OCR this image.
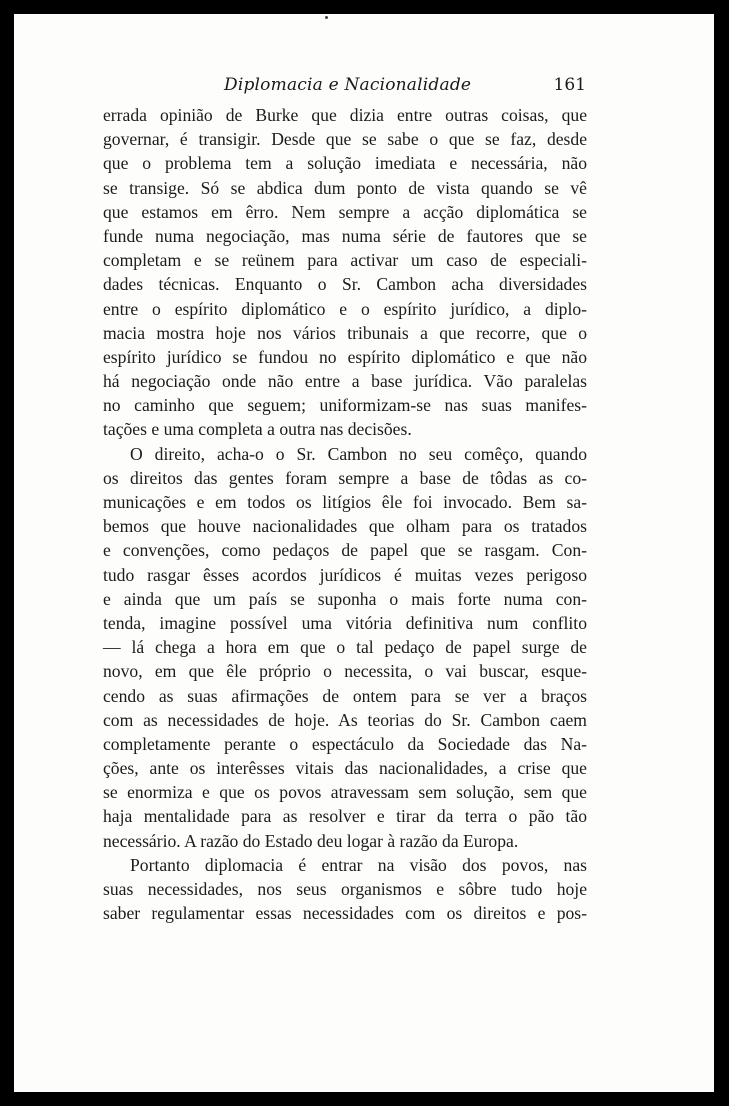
Diplomacia e Nacionalidade	161
errada opinião de Burke que dizia entre outras coisas, que
governar, é transigir. Desde que se sabe o que se faz, desde
que o problema tem a solução imediata e necessária, não
se transige. Só se abdica dum ponto de vista quando se vê
que estamos em êrro. Nem sempre a acção diplomática se
funde numa negociação, mas numa série de fautores que se
completam e se reünem para activar um caso de especiali-
dades técnicas. Enquanto o Sr. Cambon acha diversidades
entre o espírito diplomático e o espírito jurídico, a diplo-
macia mostra hoje nos vários tribunais a que recorre, que o
espírito jurídico se fundou no espírito diplomático e que não
há negociação onde não entre a base jurídica. Vão paralelas
no caminho que seguem; uniformizam-se nas suas manifes-
tações e uma completa a outra nas decisões.
O direito, acha-o o Sr. Cambon no seu comêço, quando
os direitos das gentes foram sempre a base de tôdas as co-
municações e em todos os litígios êle foi invocado. Bem sa-
bemos que houve nacionalidades que olham para os tratados
e convenções, como pedaços de papel que se rasgam. Con-
tudo rasgar êsses acordos jurídicos é muitas vezes perigoso
e ainda que um país se suponha o mais forte numa con-
tenda, imagine possível uma vitória definitiva num conflito
— lá chega a hora em que o tal pedaço de papel surge de
novo, em que êle próprio o necessita, o vai buscar, esque-
cendo as suas afirmações de ontem para se ver a braços
com as necessidades de hoje. As teorias do Sr. Cambon caem
completamente perante o espectáculo da Sociedade das Na-
ções, ante os interêsses vitais das nacionalidades, a crise que
se enormiza e que os povos atravessam sem solução, sem que
haja mentalidade para as resolver e tirar da terra o pão tão
necessário. A razão do Estado deu logar à razão da Europa.
Portanto diplomacia é entrar na visão dos povos, nas
suas necessidades, nos seus organismos e sôbre tudo hoje
saber regulamentar essas necessidades com os direitos e pos-
